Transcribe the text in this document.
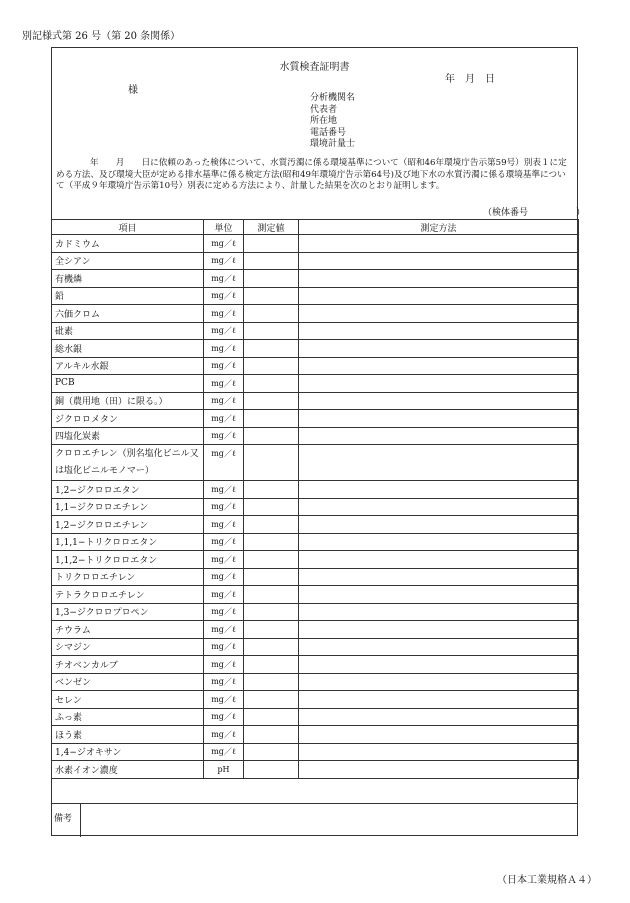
別記様式第 26 号（第 20 条関係）
水質検査証明書
年　月　日
様
分析機関名
代表者
所在地
電話番号
環境計量士
年　　月　　日に依頼のあった検体について、水質汚濁に係る環境基準について（昭和46年環境庁告示第59号）別表１に定める方法、及び環境大臣が定める排水基準に係る検定方法(昭和49年環境庁告示第64号)及び地下水の水質汚濁に係る環境基準について（平成９年環境庁告示第10号）別表に定める方法により、計量した結果を次のとおり証明します。
（検体番号	）
項目	単位	測定値	測定方法
カドミウム	mg／ℓ		
全シアン	mg／ℓ		
有機燐	mg／ℓ		
鉛	mg／ℓ		
六価クロム	mg／ℓ		
砒素	mg／ℓ		
総水銀	mg／ℓ		
アルキル水銀	mg／ℓ		
PCB	mg／ℓ		
銅（農用地（田）に限る。）	mg／ℓ		
ジクロロメタン	mg／ℓ		
四塩化炭素	mg／ℓ		
クロロエチレン（別名塩化ビニル又は塩化ビニルモノマー）	mg／ℓ		
1,2−ジクロロエタン	mg／ℓ		
1,1−ジクロロエチレン	mg／ℓ		
1,2−ジクロロエチレン	mg／ℓ		
1,1,1−トリクロロエタン	mg／ℓ		
1,1,2−トリクロロエタン	mg／ℓ		
トリクロロエチレン	mg／ℓ		
テトラクロロエチレン	mg／ℓ		
1,3−ジクロロプロペン	mg／ℓ		
チウラム	mg／ℓ		
シマジン	mg／ℓ		
チオベンカルブ	mg／ℓ		
ベンゼン	mg／ℓ		
セレン	mg／ℓ		
ふっ素	mg／ℓ		
ほう素	mg／ℓ		
1,4−ジオキサン	mg／ℓ		
水素イオン濃度	pH		
備考
（日本工業規格Ａ４）
